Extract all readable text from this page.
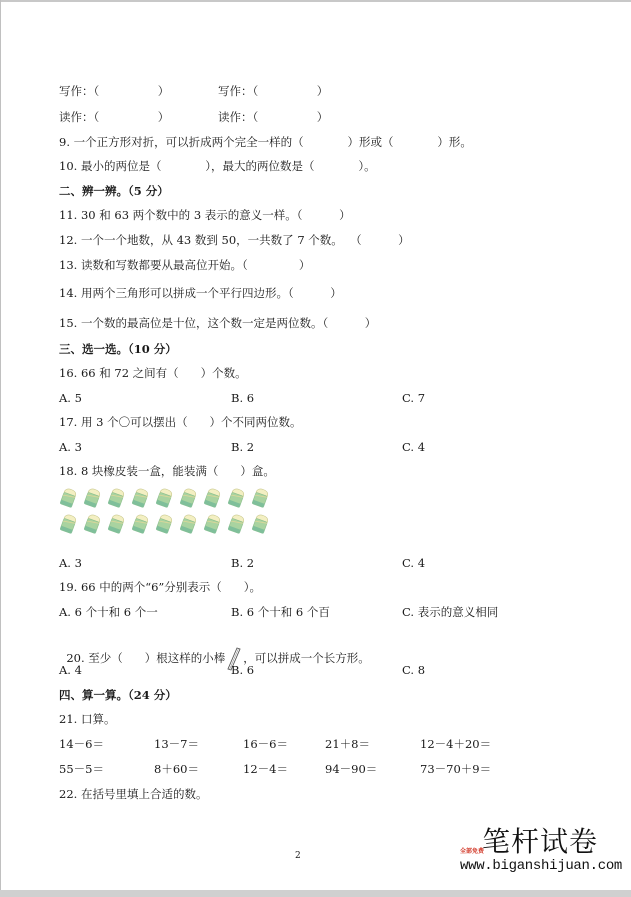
写作：（                ）	写作：（                ）
读作：（                ）	读作：（                ）
9. 一个正方形对折，可以折成两个完全一样的（            ）形或（            ）形。
10. 最小的两位是（            ），最大的两位数是（            ）。
二、辨一辨。（5 分）
11. 30 和 63 两个数中的 3 表示的意义一样。（          ）
12. 一个一个地数，从 43 数到 50，一共数了 7 个数。  （          ）
13. 读数和写数都要从最高位开始。（              ）
14. 用两个三角形可以拼成一个平行四边形。（          ）
15. 一个数的最高位是十位，这个数一定是两位数。（          ）
三、选一选。（10 分）
16. 66 和 72 之间有（      ）个数。
A. 5	B. 6	C. 7
17. 用 3 个〇可以摆出（      ）个不同两位数。
A. 3	B. 2	C. 4
18. 8 块橡皮装一盒，能装满（      ）盒。
A. 3	B. 2	C. 4
19. 66 中的两个“6”分别表示（      ）。
A. 6 个十和 6 个一	B. 6 个十和 6 个百	C. 表示的意义相同

20. 至少（      ）根这样的小棒 ，可以拼成一个长方形。

A. 4	B. 6	C. 8
四、算一算。（24 分）
21. 口算。
14－6＝	13－7＝	16－6＝	21＋8＝	12－4＋20＝
55－5＝	8＋60＝	12－4＝	94－90＝	73－70＋9＝
22. 在括号里填上合适的数。
2	笔杆试卷
全部免费
www.biganshijuan.com
